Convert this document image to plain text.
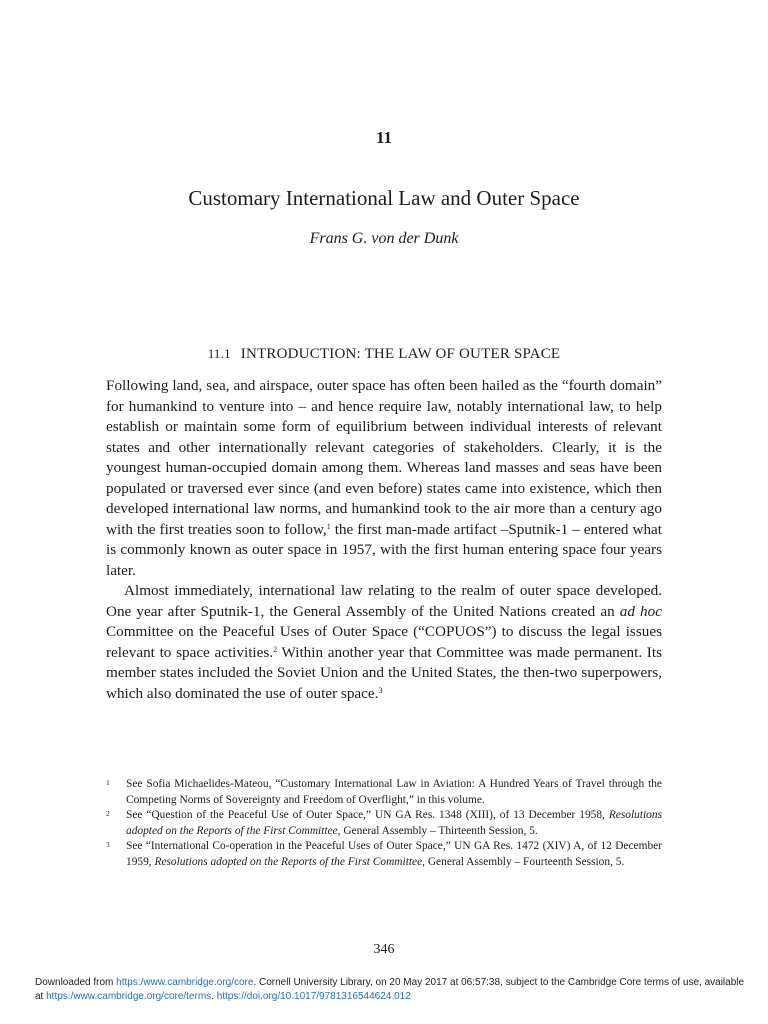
11
Customary International Law and Outer Space
Frans G. von der Dunk
11.1 INTRODUCTION: THE LAW OF OUTER SPACE

Following land, sea, and airspace, outer space has often been hailed as the “fourth domain” for humankind to venture into – and hence require law, notably international law, to help establish or maintain some form of equilibrium between individual interests of relevant states and other internationally relevant categories of stakeholders. Clearly, it is the youngest human-occupied domain among them. Whereas land masses and seas have been populated or traversed ever since (and even before) states came into existence, which then developed international law norms, and humankind took to the air more than a century ago with the first treaties soon to follow,$^1$ the first man-made artifact –Sputnik-1 – entered what is commonly known as outer space in 1957, with the first human entering space four years later.

Almost immediately, international law relating to the realm of outer space developed. One year after Sputnik-1, the General Assembly of the United Nations created an ad hoc Committee on the Peaceful Uses of Outer Space (“COPUOS”) to discuss the legal issues relevant to space activities.$^2$ Within another year that Committee was made permanent. Its member states included the Soviet Union and the United States, the then-two superpowers, which also dominated the use of outer space.$^3$

1 See Sofia Michaelides-Mateou, “Customary International Law in Aviation: A Hundred Years of Travel through the Competing Norms of Sovereignty and Freedom of Overflight,” in this volume.

2 See “Question of the Peaceful Use of Outer Space,” UN GA Res. 1348 (XIII), of 13 December 1958, Resolutions adopted on the Reports of the First Committee, General Assembly – Thirteenth Session, 5.

3 See “International Co-operation in the Peaceful Uses of Outer Space,” UN GA Res. 1472 (XIV) A, of 12 December 1959, Resolutions adopted on the Reports of the First Committee, General Assembly – Fourteenth Session, 5.

346
Downloaded from https:/www.cambridge.org/core. Cornell University Library, on 20 May 2017 at 06:57:38, subject to the Cambridge Core terms of use, available at https:/www.cambridge.org/core/terms. https://doi.org/10.1017/9781316544624.012
